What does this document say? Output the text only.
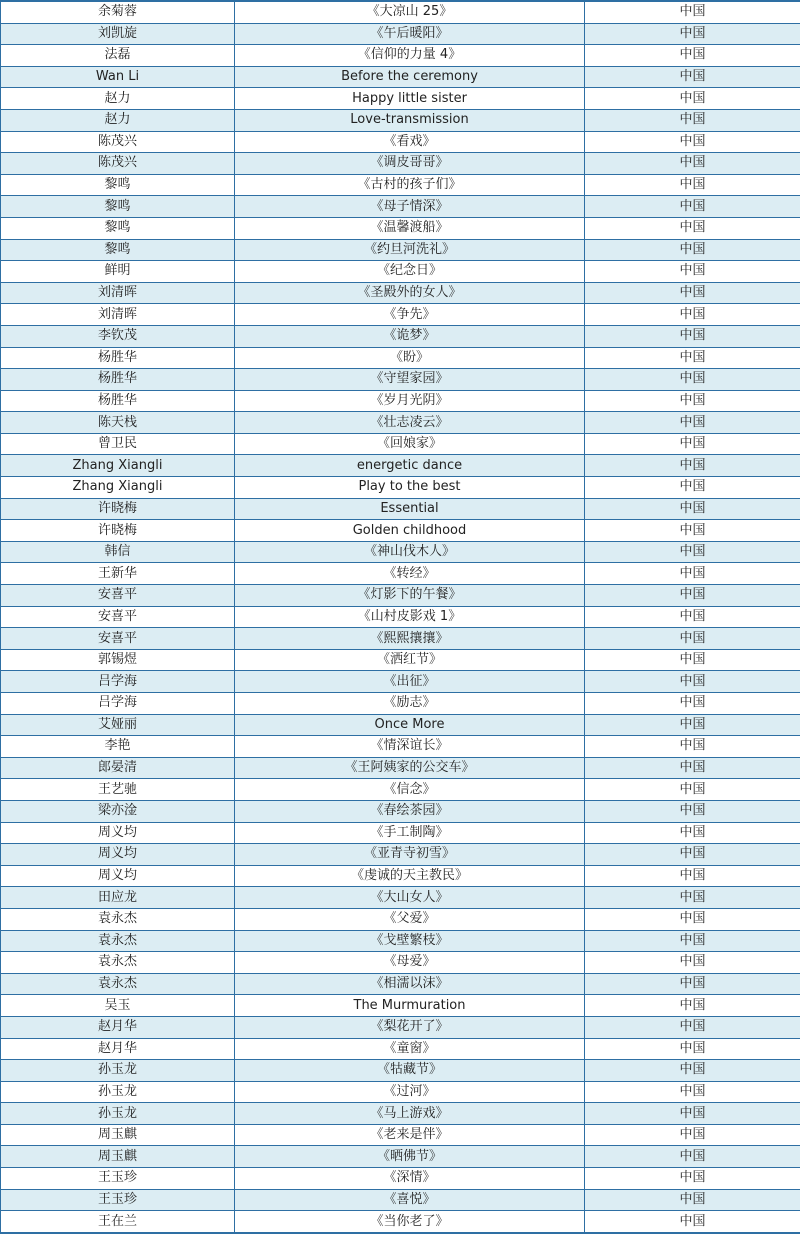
余菊蓉	《大凉山 25》	中国
刘凯旋	《午后暖阳》	中国
法磊	《信仰的力量 4》	中国
Wan Li	Before the ceremony	中国
赵力	Happy little sister	中国
赵力	Love-transmission	中国
陈茂兴	《看戏》	中国
陈茂兴	《调皮哥哥》	中国
黎鸣	《古村的孩子们》	中国
黎鸣	《母子情深》	中国
黎鸣	《温馨渡船》	中国
黎鸣	《约旦河洗礼》	中国
鲜明	《纪念日》	中国
刘清晖	《圣殿外的女人》	中国
刘清晖	《争先》	中国
李钦茂	《诡梦》	中国
杨胜华	《盼》	中国
杨胜华	《守望家园》	中国
杨胜华	《岁月光阴》	中国
陈天栈	《壮志凌云》	中国
曾卫民	《回娘家》	中国
Zhang Xiangli	energetic dance	中国
Zhang Xiangli	Play to the best	中国
许晓梅	Essential	中国
许晓梅	Golden childhood	中国
韩信	《神山伐木人》	中国
王新华	《转经》	中国
安喜平	《灯影下的午餐》	中国
安喜平	《山村皮影戏 1》	中国
安喜平	《熙熙攘攘》	中国
郭锡煜	《洒红节》	中国
吕学海	《出征》	中国
吕学海	《励志》	中国
艾娅丽	Once More	中国
李艳	《情深谊长》	中国
郎晏清	《王阿姨家的公交车》	中国
王艺驰	《信念》	中国
梁亦淦	《春绘茶园》	中国
周义均	《手工制陶》	中国
周义均	《亚青寺初雪》	中国
周义均	《虔诚的天主教民》	中国
田应龙	《大山女人》	中国
袁永杰	《父爱》	中国
袁永杰	《戈壁繁枝》	中国
袁永杰	《母爱》	中国
袁永杰	《相濡以沫》	中国
吴玉	The Murmuration	中国
赵月华	《梨花开了》	中国
赵月华	《童窗》	中国
孙玉龙	《牯藏节》	中国
孙玉龙	《过河》	中国
孙玉龙	《马上游戏》	中国
周玉麒	《老来是伴》	中国
周玉麒	《晒佛节》	中国
王玉珍	《深情》	中国
王玉珍	《喜悦》	中国
王在兰	《当你老了》	中国
